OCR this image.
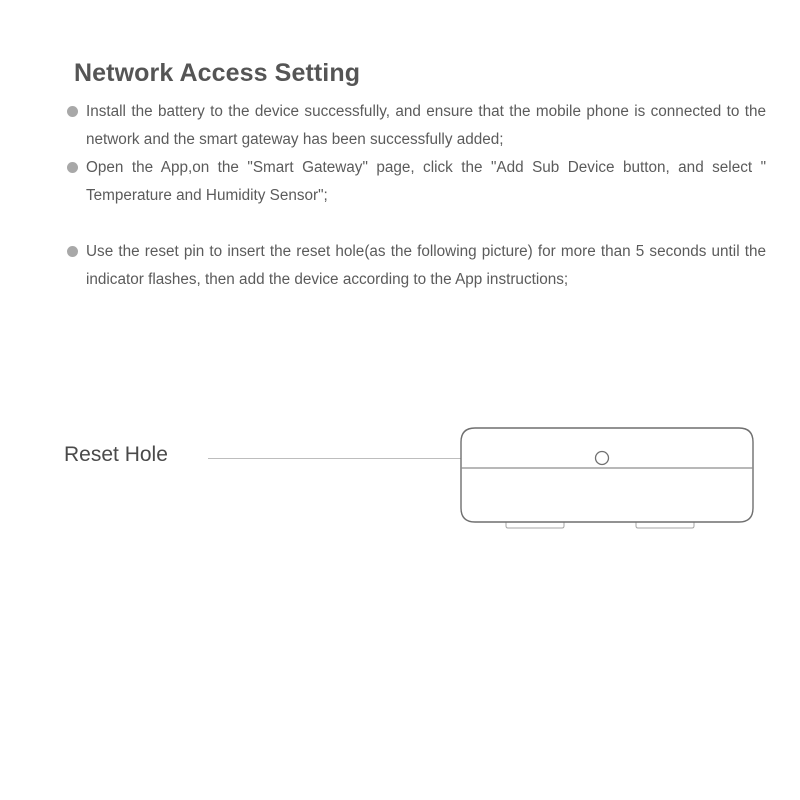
Network Access Setting
Install the battery to the device successfully, and ensure that the mobile phone is connected to the network and the smart gateway has been successfully added;
Open the App,on the "Smart Gateway" page, click the "Add Sub Device button, and select " Temperature and Humidity Sensor";
Use the reset pin to insert the reset hole(as the following picture) for more than 5 seconds until the indicator flashes, then add the device according to the App instructions;
Reset Hole
